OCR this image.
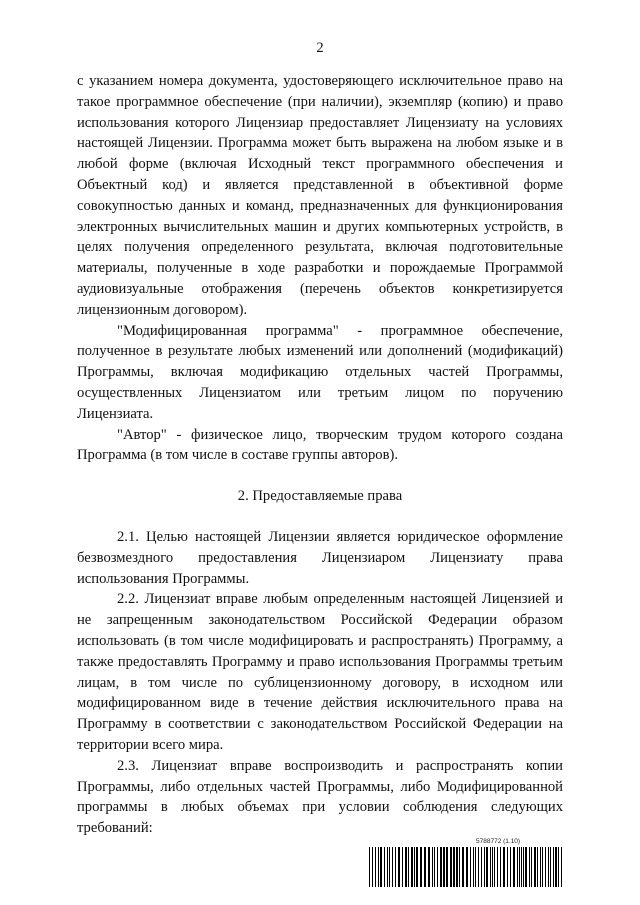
2

с указанием номера документа, удостоверяющего исключительное право на такое программное обеспечение (при наличии), экземпляр (копию) и право использования которого Лицензиар предоставляет Лицензиату на условиях настоящей Лицензии. Программа может быть выражена на любом языке и в любой форме (включая Исходный текст программного обеспечения и Объектный код) и является представленной в объективной форме совокупностью данных и команд, предназначенных для функционирования электронных вычислительных машин и других компьютерных устройств, в целях получения определенного результата, включая подготовительные материалы, полученные в ходе разработки и порождаемые Программой аудиовизуальные отображения (перечень объектов конкретизируется лицензионным договором).

"Модифицированная программа" - программное обеспечение, полученное в результате любых изменений или дополнений (модификаций) Программы, включая модификацию отдельных частей Программы, осуществленных Лицензиатом или третьим лицом по поручению Лицензиата.

"Автор" - физическое лицо, творческим трудом которого создана Программа (в том числе в составе группы авторов).

2. Предоставляемые права

2.1. Целью настоящей Лицензии является юридическое оформление безвозмездного предоставления Лицензиаром Лицензиату права использования Программы.

2.2. Лицензиат вправе любым определенным настоящей Лицензией и не запрещенным законодательством Российской Федерации образом использовать (в том числе модифицировать и распространять) Программу, а также предоставлять Программу и право использования Программы третьим лицам, в том числе по сублицензионному договору, в исходном или модифицированном виде в течение действия исключительного права на Программу в соответствии с законодательством Российской Федерации на территории всего мира.

2.3. Лицензиат вправе воспроизводить и распространять копии Программы, либо отдельных частей Программы, либо Модифицированной программы в любых объемах при условии соблюдения следующих требований:

5788772 (1.10)
